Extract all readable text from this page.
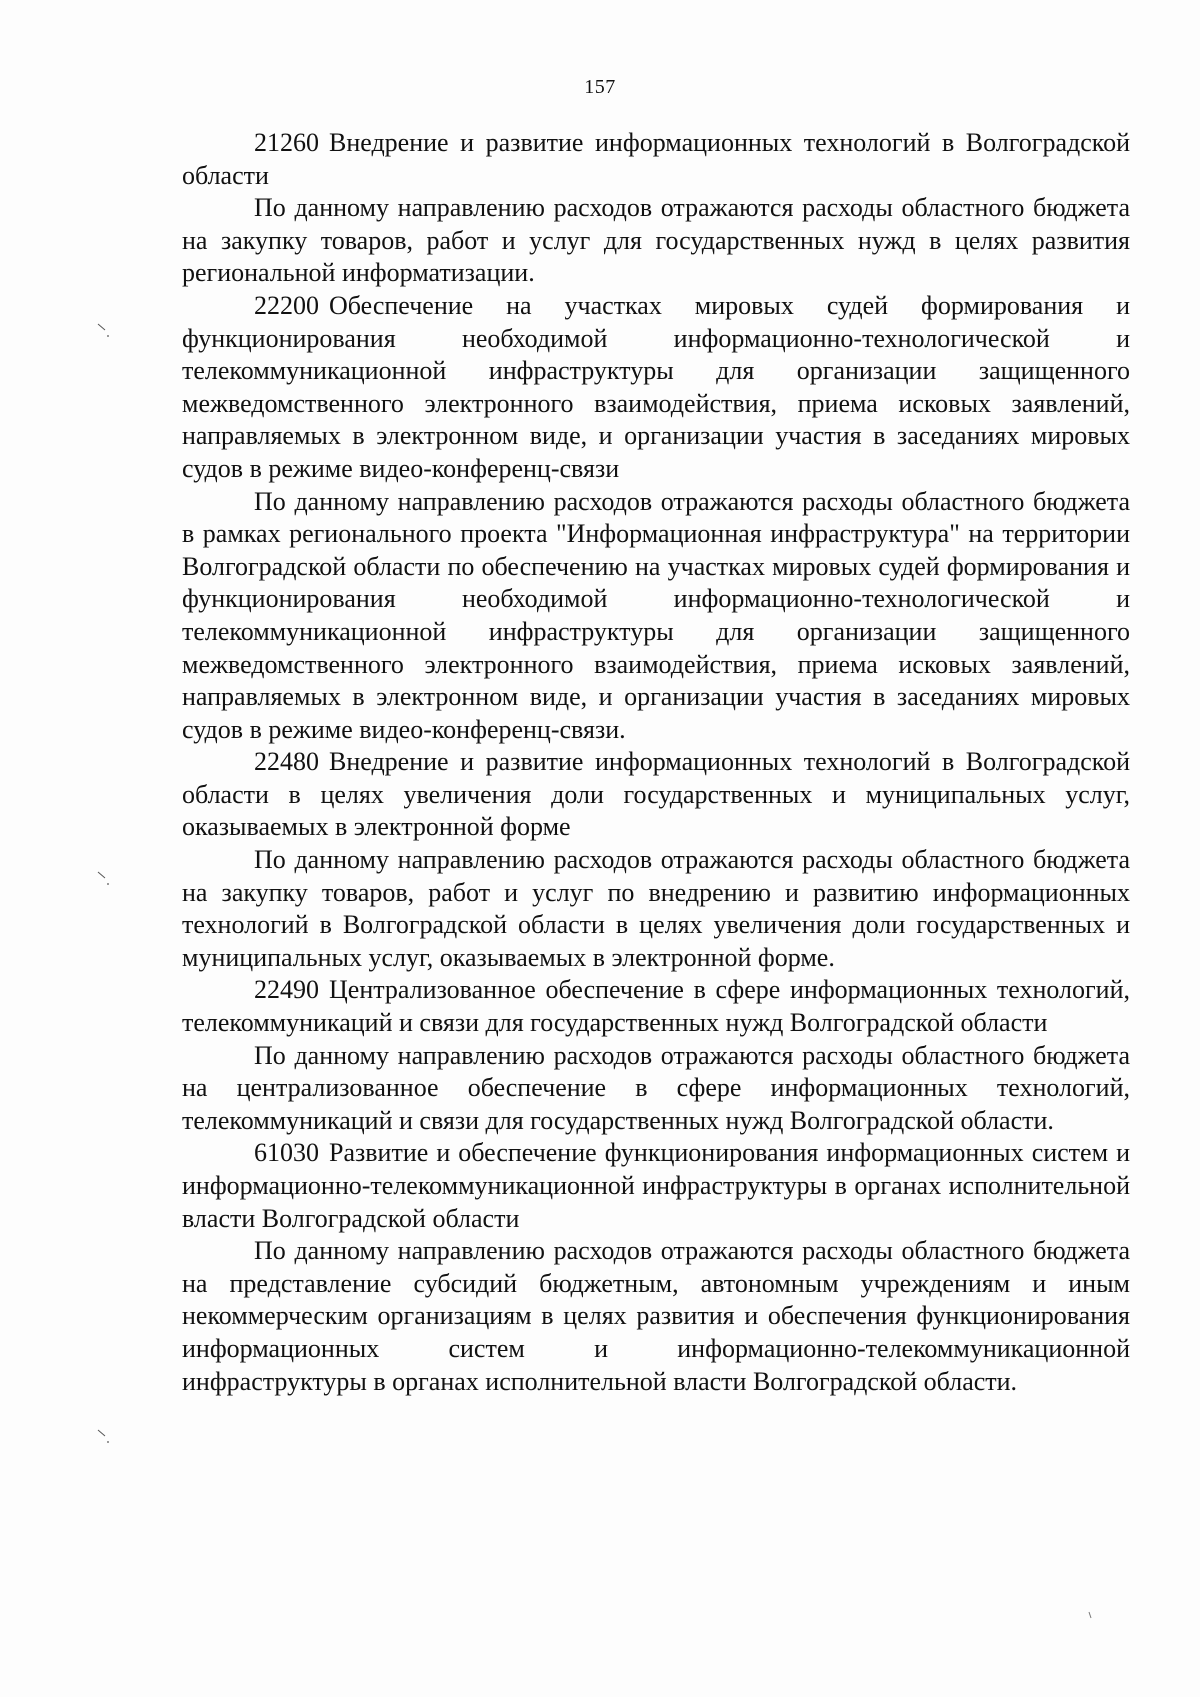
157

21260 Внедрение и развитие информационных технологий в Волгоградской области

По данному направлению расходов отражаются расходы областного бюджета на закупку товаров, работ и услуг для государственных нужд в целях развития региональной информатизации.

22200 Обеспечение на участках мировых судей формирования и функционирования необходимой информационно-технологической и телекоммуникационной инфраструктуры для организации защищенного межведомственного электронного взаимодействия, приема исковых заявлений, направляемых в электронном виде, и организации участия в заседаниях мировых судов в режиме видео-конференц-связи

По данному направлению расходов отражаются расходы областного бюджета в рамках регионального проекта "Информационная инфраструктура" на территории Волгоградской области по обеспечению на участках мировых судей формирования и функционирования необходимой информационно-технологической и телекоммуникационной инфраструктуры для организации защищенного межведомственного электронного взаимодействия, приема исковых заявлений, направляемых в электронном виде, и организации участия в заседаниях мировых судов в режиме видео-конференц-связи.

22480 Внедрение и развитие информационных технологий в Волгоградской области в целях увеличения доли государственных и муниципальных услуг, оказываемых в электронной форме

По данному направлению расходов отражаются расходы областного бюджета на закупку товаров, работ и услуг по внедрению и развитию информационных технологий в Волгоградской области в целях увеличения доли государственных и муниципальных услуг, оказываемых в электронной форме.

22490 Централизованное обеспечение в сфере информационных технологий, телекоммуникаций и связи для государственных нужд Волгоградской области

По данному направлению расходов отражаются расходы областного бюджета на централизованное обеспечение в сфере информационных технологий, телекоммуникаций и связи для государственных нужд Волгоградской области.

61030 Развитие и обеспечение функционирования информационных систем и информационно-телекоммуникационной инфраструктуры в органах исполнительной власти Волгоградской области

По данному направлению расходов отражаются расходы областного бюджета на представление субсидий бюджетным, автономным учреждениям и иным некоммерческим организациям в целях развития и обеспечения функционирования информационных систем и информационно-телекоммуникационной инфраструктуры в органах исполнительной власти Волгоградской области.
